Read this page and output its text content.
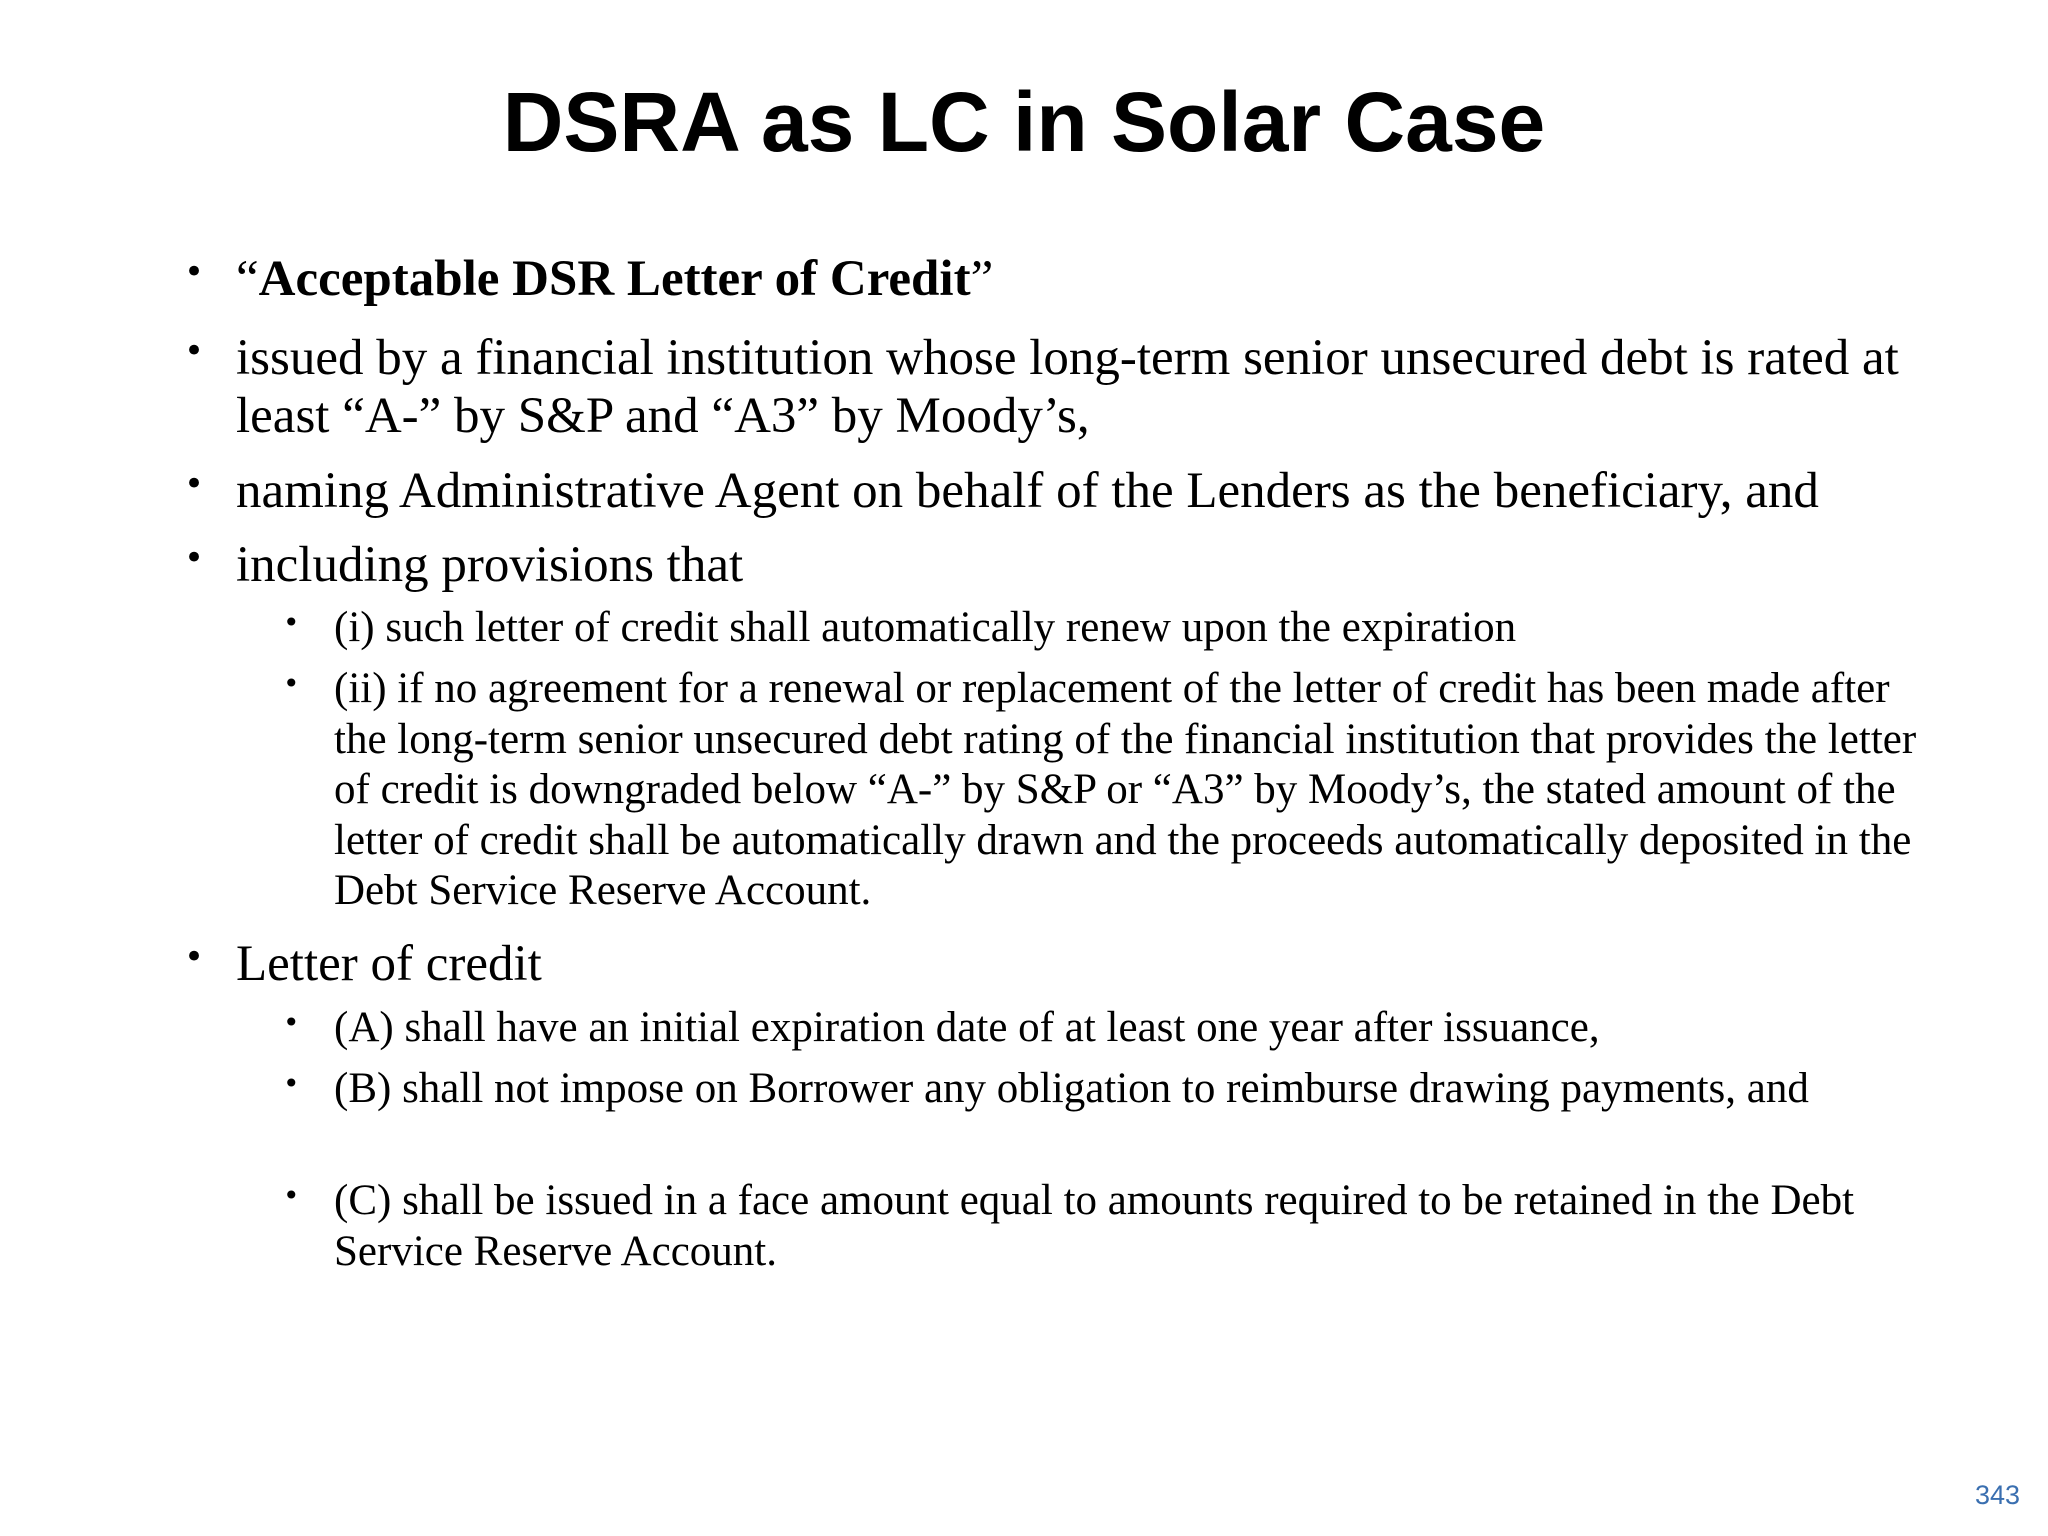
DSRA as LC in Solar Case
• “Acceptable DSR Letter of Credit”
• issued by a financial institution whose long-term senior unsecured debt is rated at least “A-” by S&P and “A3” by Moody’s,
• naming Administrative Agent on behalf of the Lenders as the beneficiary, and
• including provisions that
• (i) such letter of credit shall automatically renew upon the expiration
• (ii) if no agreement for a renewal or replacement of the letter of credit has been made after the long-term senior unsecured debt rating of the financial institution that provides the letter of credit is downgraded below “A-” by S&P or “A3” by Moody’s, the stated amount of the letter of credit shall be automatically drawn and the proceeds automatically deposited in the Debt Service Reserve Account.
• Letter of credit
• (A) shall have an initial expiration date of at least one year after issuance,
• (B) shall not impose on Borrower any obligation to reimburse drawing payments, and
• (C) shall be issued in a face amount equal to amounts required to be retained in the Debt Service Reserve Account.
343
